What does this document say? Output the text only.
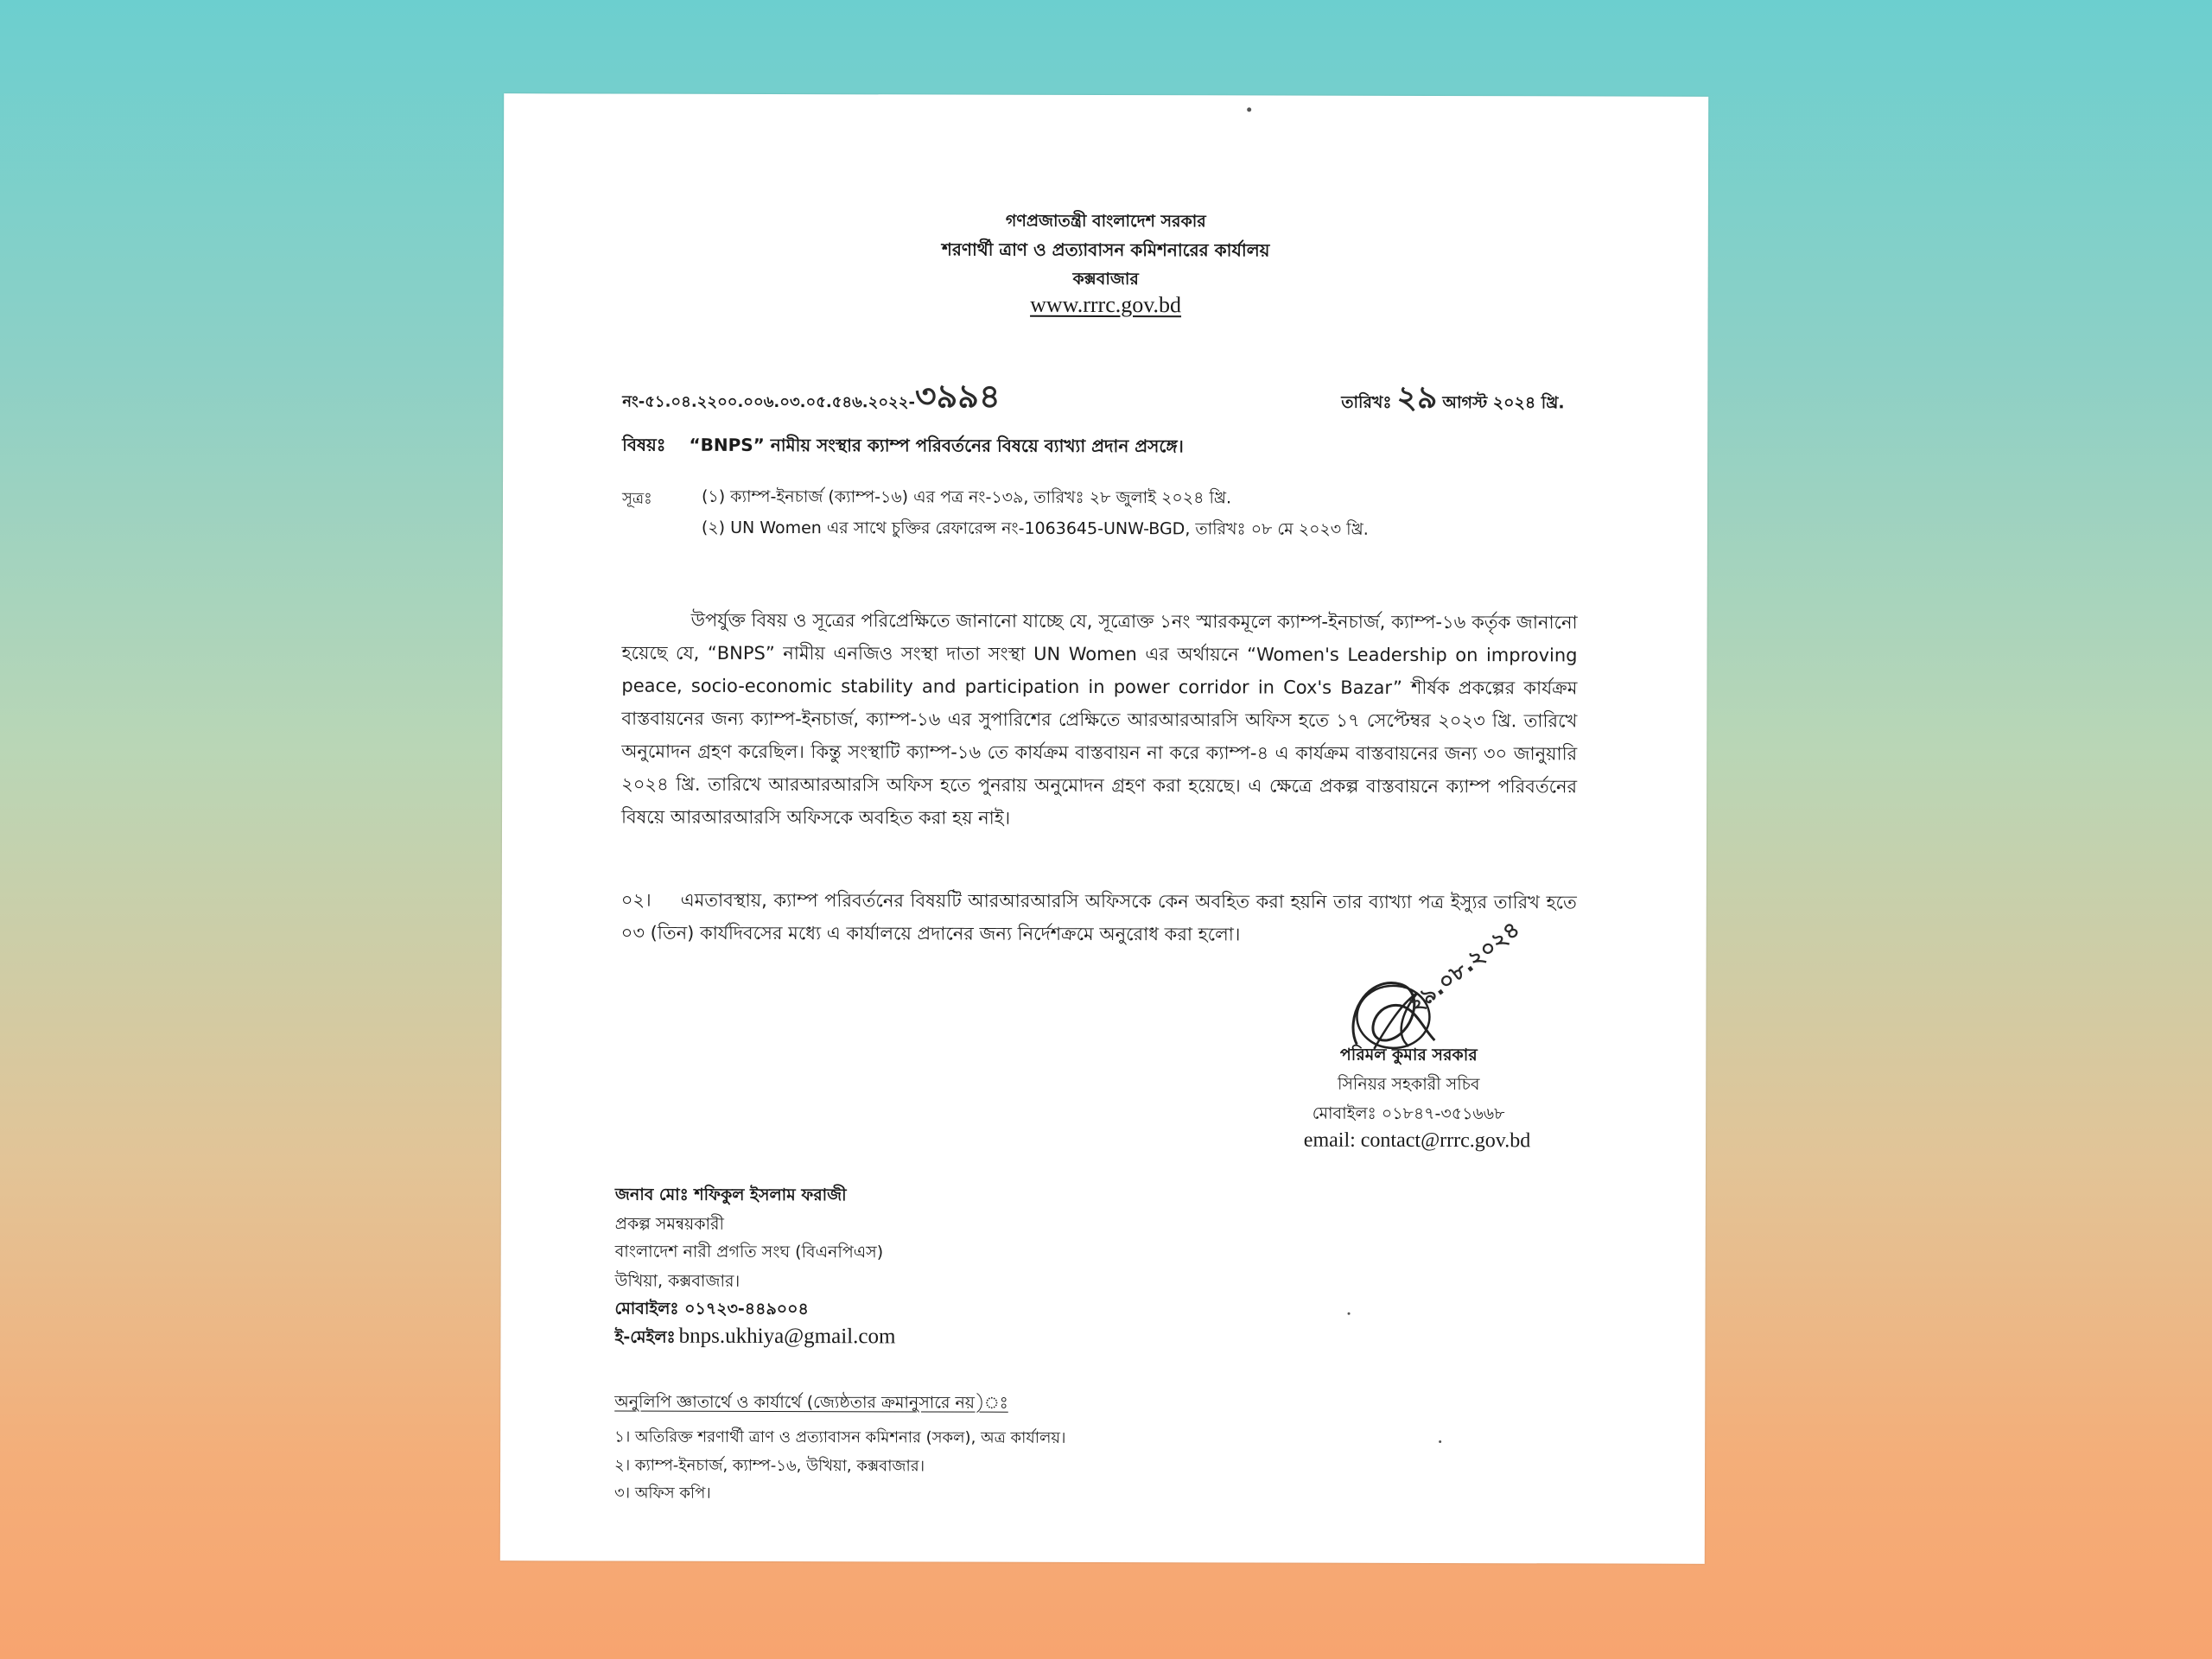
গণপ্রজাতন্ত্রী বাংলাদেশ সরকার
শরণার্থী ত্রাণ ও প্রত্যাবাসন কমিশনারের কার্যালয়
কক্সবাজার
www.rrrc.gov.bd
নং-৫১.০৪.২২০০.০০৬.০৩.০৫.৫৪৬.২০২২-৩৯৯৪	তারিখঃ ২৯ আগস্ট ২০২৪ খ্রি.
বিষয়ঃ “BNPS” নামীয় সংস্থার ক্যাম্প পরিবর্তনের বিষয়ে ব্যাখ্যা প্রদান প্রসঙ্গে।
সূত্রঃ	(১) ক্যাম্প-ইনচার্জ (ক্যাম্প-১৬) এর পত্র নং-১৩৯, তারিখঃ ২৮ জুলাই ২০২৪ খ্রি.
(২) UN Women এর সাথে চুক্তির রেফারেন্স নং-1063645-UNW-BGD, তারিখঃ ০৮ মে ২০২৩ খ্রি.
উপর্যুক্ত বিষয় ও সূত্রের পরিপ্রেক্ষিতে জানানো যাচ্ছে যে, সূত্রোক্ত ১নং স্মারকমূলে ক্যাম্প-ইনচার্জ, ক্যাম্প-১৬ কর্তৃক জানানো হয়েছে যে, “BNPS” নামীয় এনজিও সংস্থা দাতা সংস্থা UN Women এর অর্থায়নে “Women's Leadership on improving peace, socio-economic stability and participation in power corridor in Cox's Bazar” শীর্ষক প্রকল্পের কার্যক্রম বাস্তবায়নের জন্য ক্যাম্প-ইনচার্জ, ক্যাম্প-১৬ এর সুপারিশের প্রেক্ষিতে আরআরআরসি অফিস হতে ১৭ সেপ্টেম্বর ২০২৩ খ্রি. তারিখে অনুমোদন গ্রহণ করেছিল। কিন্তু সংস্থাটি ক্যাম্প-১৬ তে কার্যক্রম বাস্তবায়ন না করে ক্যাম্প-৪ এ কার্যক্রম বাস্তবায়নের জন্য ৩০ জানুয়ারি ২০২৪ খ্রি. তারিখে আরআরআরসি অফিস হতে পুনরায় অনুমোদন গ্রহণ করা হয়েছে। এ ক্ষেত্রে প্রকল্প বাস্তবায়নে ক্যাম্প পরিবর্তনের বিষয়ে আরআরআরসি অফিসকে অবহিত করা হয় নাই।
০২। এমতাবস্থায়, ক্যাম্প পরিবর্তনের বিষয়টি আরআরআরসি অফিসকে কেন অবহিত করা হয়নি তার ব্যাখ্যা পত্র ইস্যুর তারিখ হতে ০৩ (তিন) কার্যদিবসের মধ্যে এ কার্যালয়ে প্রদানের জন্য নির্দেশক্রমে অনুরোধ করা হলো।	২৯.০৮.২০২৪
পরিমল কুমার সরকার
সিনিয়র সহকারী সচিব
মোবাইলঃ ০১৮৪৭-৩৫১৬৬৮
email: contact@rrrc.gov.bd
জনাব মোঃ শফিকুল ইসলাম ফরাজী
প্রকল্প সমন্বয়কারী
বাংলাদেশ নারী প্রগতি সংঘ (বিএনপিএস)
উখিয়া, কক্সবাজার।
মোবাইলঃ ০১৭২৩-৪৪৯০০৪
ই-মেইলঃ bnps.ukhiya@gmail.com
অনুলিপি জ্ঞাতার্থে ও কার্যার্থে (জ্যেষ্ঠতার ক্রমানুসারে নয়)ঃ
১। অতিরিক্ত শরণার্থী ত্রাণ ও প্রত্যাবাসন কমিশনার (সকল), অত্র কার্যালয়।
২। ক্যাম্প-ইনচার্জ, ক্যাম্প-১৬, উখিয়া, কক্সবাজার।
৩। অফিস কপি।
